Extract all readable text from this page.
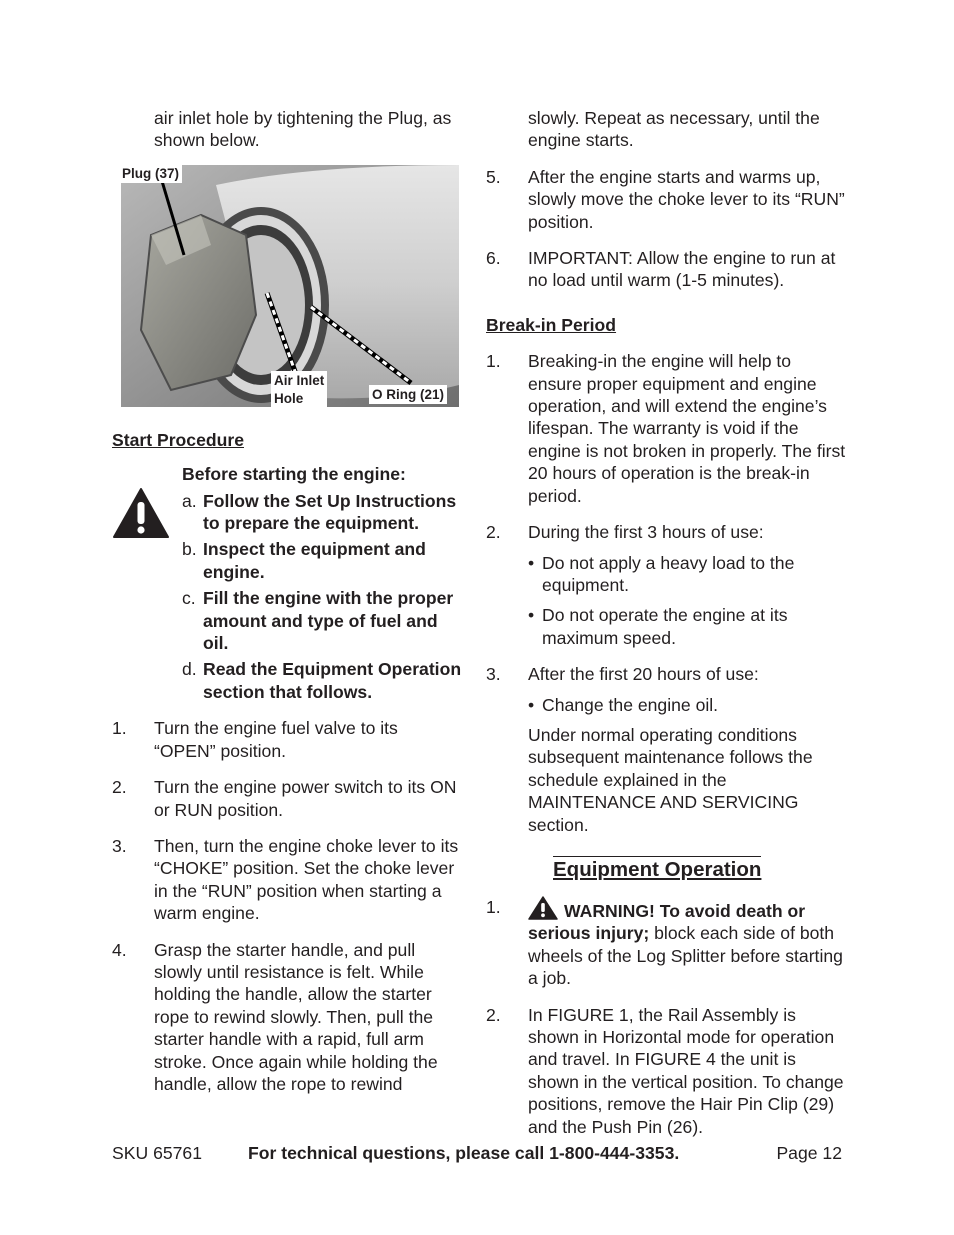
air inlet hole by tightening the Plug, as shown below.

Plug (37)
Air Inlet
Hole	O Ring (21)

Start Procedure

Before starting the engine:

a. Follow the Set Up Instructions to prepare the equipment.
b. Inspect the equipment and engine.
c. Fill the engine with the proper amount and type of fuel and oil.
d. Read the Equipment Operation section that follows.
1.	Turn the engine fuel valve to its “OPEN” position.
2.	Turn the engine power switch to its ON or RUN position.
3.	Then, turn the engine choke lever to its “CHOKE” position. Set the choke lever in the “RUN” position when starting a warm engine.
4.	Grasp the starter handle, and pull slowly until resistance is felt. While holding the handle, allow the starter rope to rewind slowly. Then, pull the starter handle with a rapid, full arm stroke. Once again while holding the handle, allow the rope to rewind

slowly. Repeat as necessary, until the engine starts.

5.	After the engine starts and warms up, slowly move the choke lever to its “RUN” position.
6.	IMPORTANT: Allow the engine to run at no load until warm (1-5 minutes).

Break-in Period

1.	Breaking-in the engine will help to ensure proper equipment and engine operation, and will extend the engine’s lifespan. The warranty is void if the engine is not broken in properly. The first 20 hours of operation is the break-in period.
2.	During the first 3 hours of use:

• Do not apply a heavy load to the equipment.
• Do not operate the engine at its maximum speed.
3.	After the first 20 hours of use:

• Change the engine oil.

Under normal operating conditions subsequent maintenance follows the schedule explained in the MAINTENANCE AND SERVICING section.

Equipment Operation
1.	WARNING! To avoid death or serious injury; block each side of both wheels of the Log Splitter before starting a job.

2.	In FIGURE 1, the Rail Assembly is shown in Horizontal mode for operation and travel. In FIGURE 4 the unit is shown in the vertical position. To change positions, remove the Hair Pin Clip (29) and the Push Pin (26).
SKU 65761	For technical questions, please call 1-800-444-3353.	Page 12
